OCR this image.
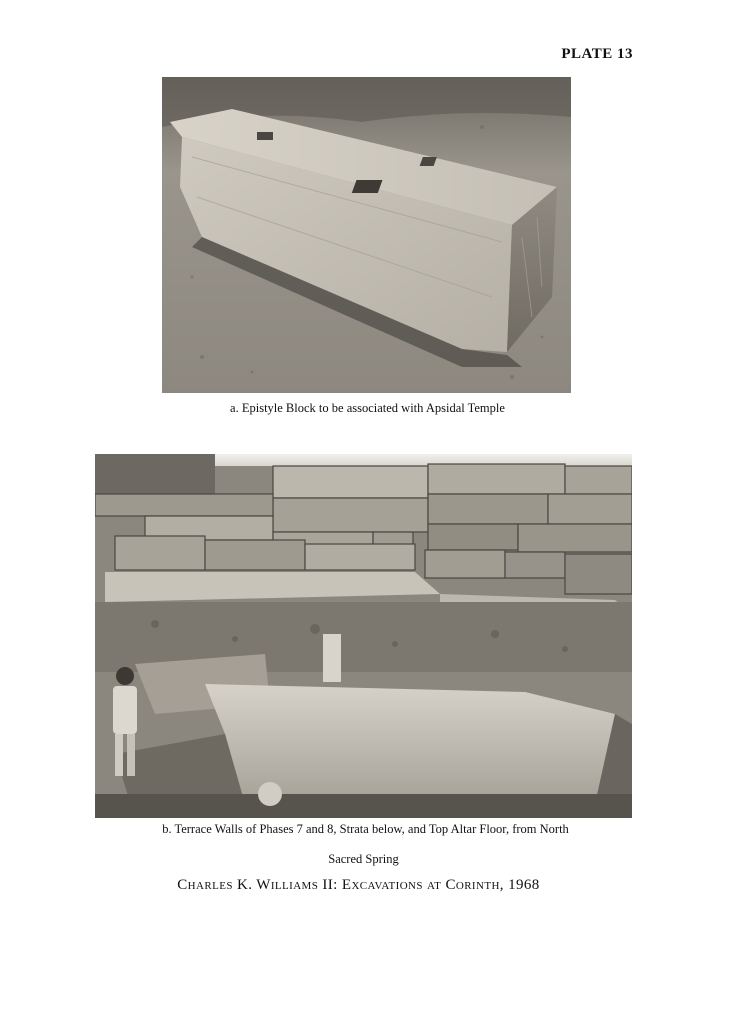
PLATE 13
a. Epistyle Block to be associated with Apsidal Temple
b. Terrace Walls of Phases 7 and 8, Strata below, and Top Altar Floor, from North
Sacred Spring
Charles K. Williams II: Excavations at Corinth, 1968
